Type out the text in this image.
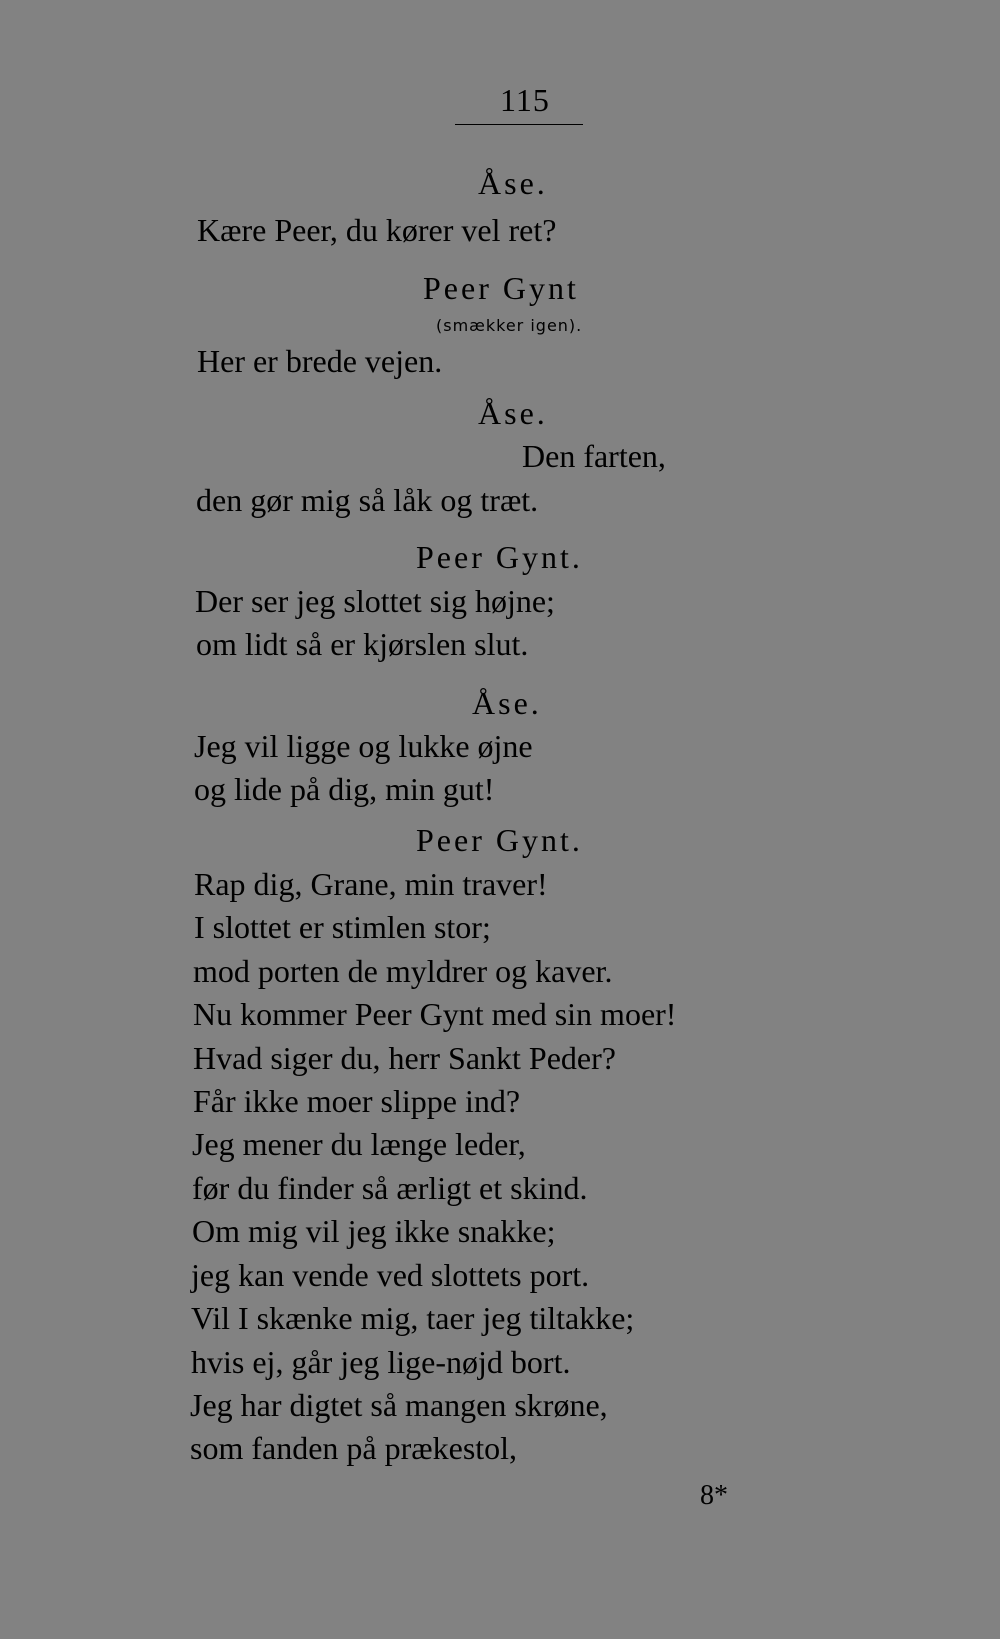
115
Åse.
Kære Peer, du kører vel ret?
Peer Gynt
(smækker igen).
Her er brede vejen.
Åse.
Den farten,
den gør mig så låk og træt.
Peer Gynt.
Der ser jeg slottet sig højne;
om lidt så er kjørslen slut.
Åse.
Jeg vil ligge og lukke øjne
og lide på dig, min gut!
Peer Gynt.
Rap dig, Grane, min traver!
I slottet er stimlen stor;
mod porten de myldrer og kaver.
Nu kommer Peer Gynt med sin moer!
Hvad siger du, herr Sankt Peder?
Får ikke moer slippe ind?
Jeg mener du længe leder,
før du finder så ærligt et skind.
Om mig vil jeg ikke snakke;
jeg kan vende ved slottets port.
Vil I skænke mig, taer jeg tiltakke;
hvis ej, går jeg lige-nøjd bort.
Jeg har digtet så mangen skrøne,
som fanden på prækestol,
8*
